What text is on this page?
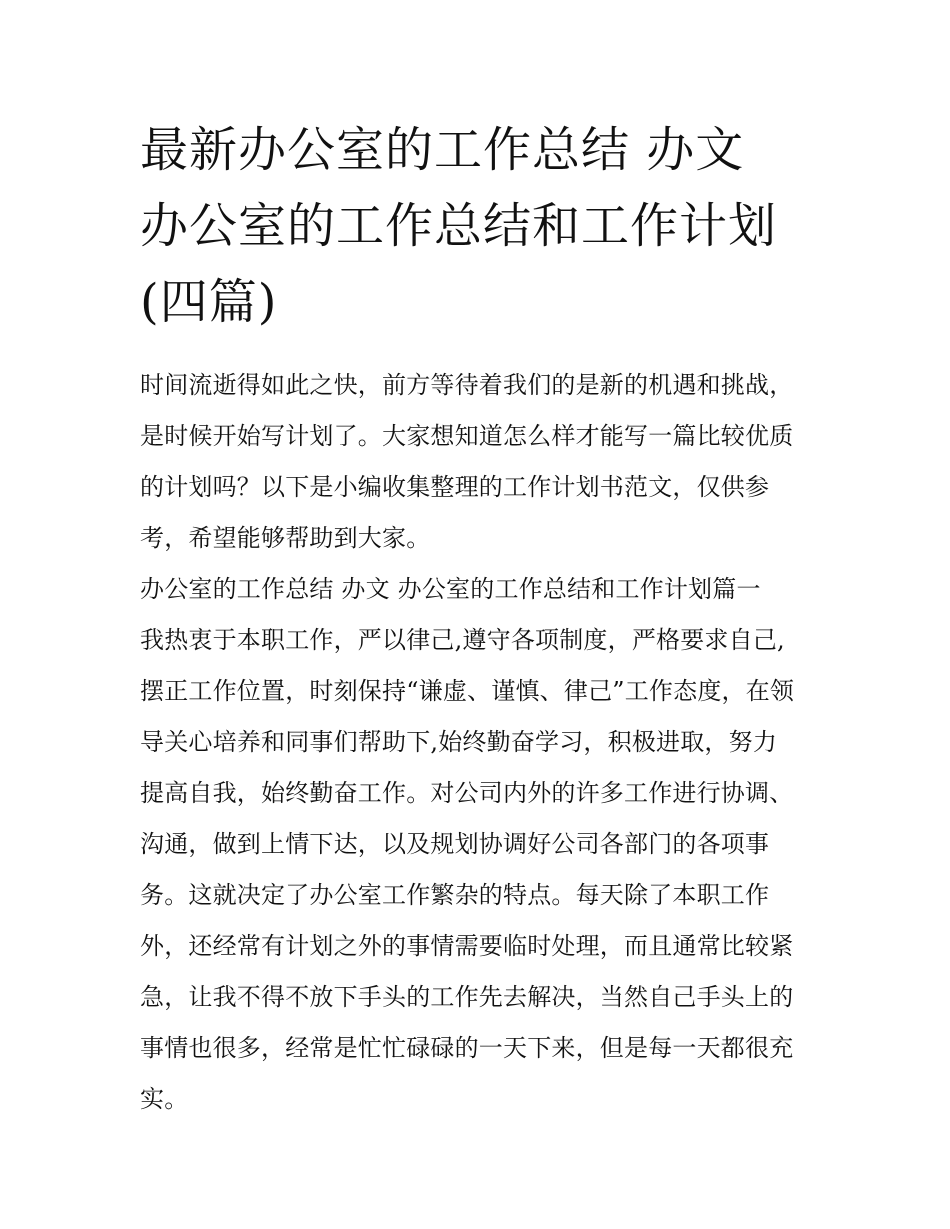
最新办公室的工作总结 办文
办公室的工作总结和工作计划
(四篇)

时间流逝得如此之快，前方等待着我们的是新的机遇和挑战，
是时候开始写计划了。大家想知道怎么样才能写一篇比较优质
的计划吗？以下是小编收集整理的工作计划书范文，仅供参
考，希望能够帮助到大家。

办公室的工作总结 办文 办公室的工作总结和工作计划篇一

我热衷于本职工作，严以律己,遵守各项制度，严格要求自己,
摆正工作位置，时刻保持“谦虚、谨慎、律己”工作态度，在领
导关心培养和同事们帮助下,始终勤奋学习，积极进取，努力
提高自我，始终勤奋工作。对公司内外的许多工作进行协调、
沟通，做到上情下达，以及规划协调好公司各部门的各项事
务。这就决定了办公室工作繁杂的特点。每天除了本职工作
外，还经常有计划之外的事情需要临时处理，而且通常比较紧
急，让我不得不放下手头的工作先去解决，当然自己手头上的
事情也很多，经常是忙忙碌碌的一天下来，但是每一天都很充
实。
